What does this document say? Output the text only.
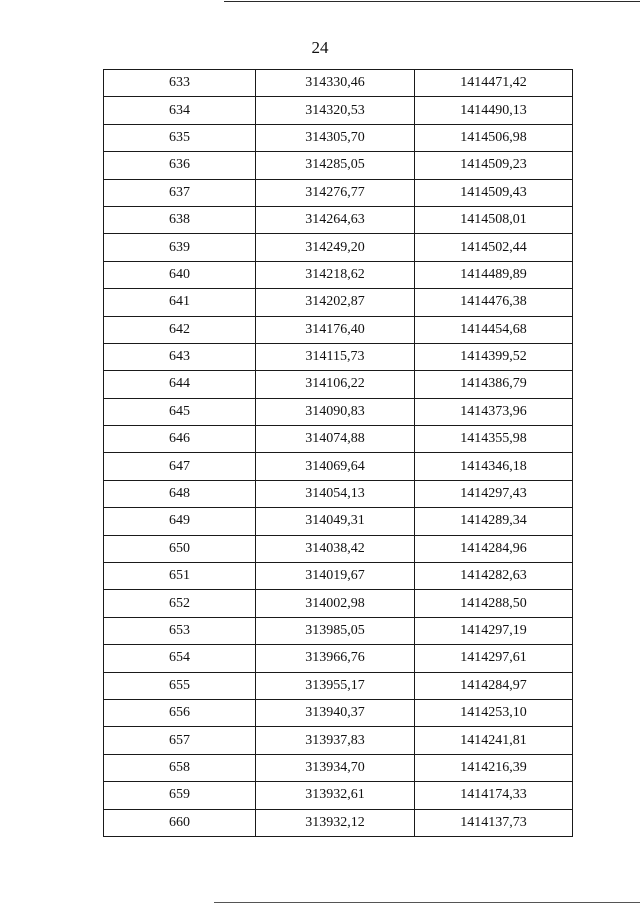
24
633	314330,46	1414471,42
634	314320,53	1414490,13
635	314305,70	1414506,98
636	314285,05	1414509,23
637	314276,77	1414509,43
638	314264,63	1414508,01
639	314249,20	1414502,44
640	314218,62	1414489,89
641	314202,87	1414476,38
642	314176,40	1414454,68
643	314115,73	1414399,52
644	314106,22	1414386,79
645	314090,83	1414373,96
646	314074,88	1414355,98
647	314069,64	1414346,18
648	314054,13	1414297,43
649	314049,31	1414289,34
650	314038,42	1414284,96
651	314019,67	1414282,63
652	314002,98	1414288,50
653	313985,05	1414297,19
654	313966,76	1414297,61
655	313955,17	1414284,97
656	313940,37	1414253,10
657	313937,83	1414241,81
658	313934,70	1414216,39
659	313932,61	1414174,33
660	313932,12	1414137,73
